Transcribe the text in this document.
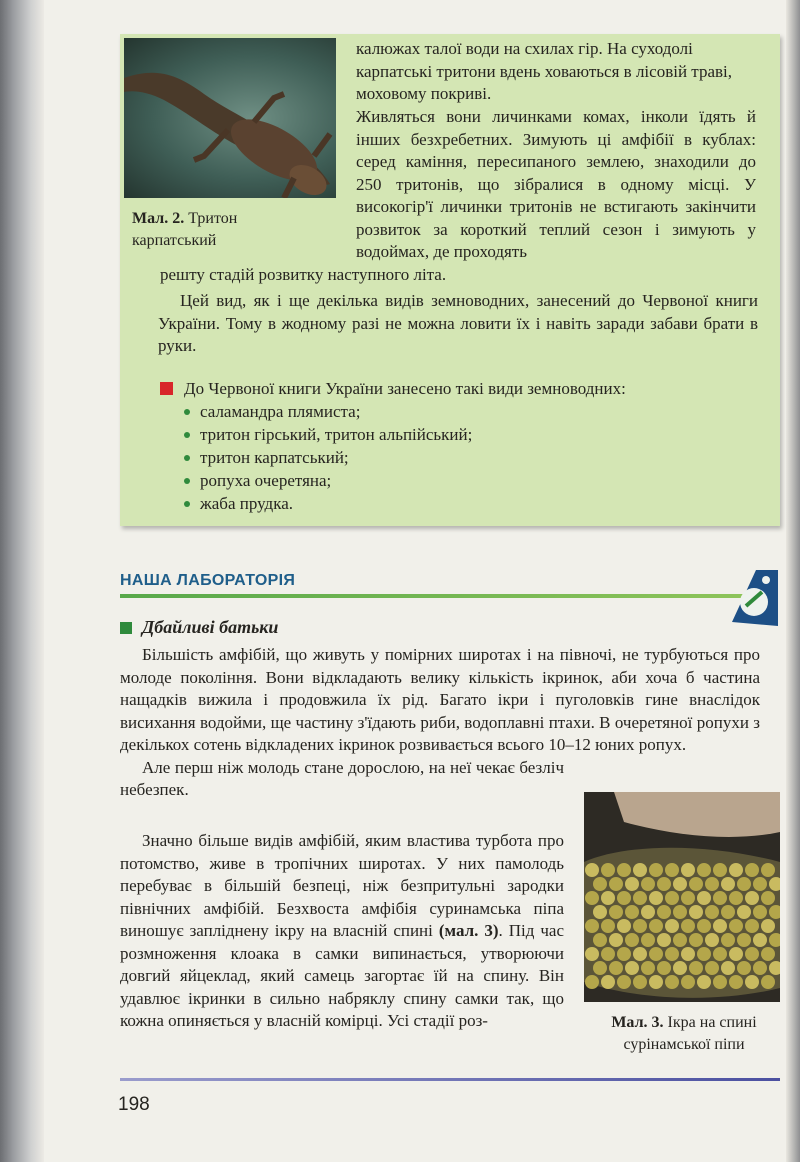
Мал. 2. Тритон карпатський

калюжах талої води на схилах гір. На суходолі карпатські тритони вдень ховаються в лісовій траві, моховому покриві.

Живляться вони личинками комах, інколи їдять й інших безхребетних. Зимують ці амфібії в кублах: серед каміння, пересипаного землею, знаходили до 250 тритонів, що зібралися в одному місці. У високогір'ї личинки тритонів не встигають закінчити розвиток за короткий теплий сезон і зимують у водоймах, де проходять

решту стадій розвитку наступного літа.

Цей вид, як і ще декілька видів земноводних, занесений до Червоної книги України. Тому в жодному разі не можна ловити їх і навіть заради забави брати в руки.

До Червоної книги України занесено такі види земноводних:
саламандра плямиста;
тритон гірський, тритон альпійський;
тритон карпатський;
ропуха очеретяна;
жаба прудка.
НАША ЛАБОРАТОРІЯ
Дбайливі батьки

Більшість амфібій, що живуть у помірних широтах і на півночі, не турбуються про молоде покоління. Вони відкладають велику кількість ікринок, аби хоча б частина нащадків вижила і продовжила їх рід. Багато ікри і пуголовків гине внаслідок висихання водойми, ще частину з'їдають риби, водоплавні птахи. В очеретяної ропухи з декількох сотень відкладених ікринок розвивається всього 10–12 юних ропух.
Але перш ніж молодь стане дорослою, на неї чекає безліч небезпек.

Значно більше видів амфібій, яким властива турбота про потомство, живе в тропічних широтах. У них памолодь перебуває в більшій безпеці, ніж безпритульні зародки північних амфібій. Безхвоста амфібія суринамська піпа виношує запліднену ікру на власній спині (мал. 3). Під час розмноження клоака в самки випинається, утворюючи довгий яйцеклад, який самець загортає їй на спину. Він удавлює ікринки в сильно набряклу спину самки так, що кожна опиняється у власній комірці. Усі стадії роз-	Мал. 3. Ікра на спині сурінамської піпи
198
